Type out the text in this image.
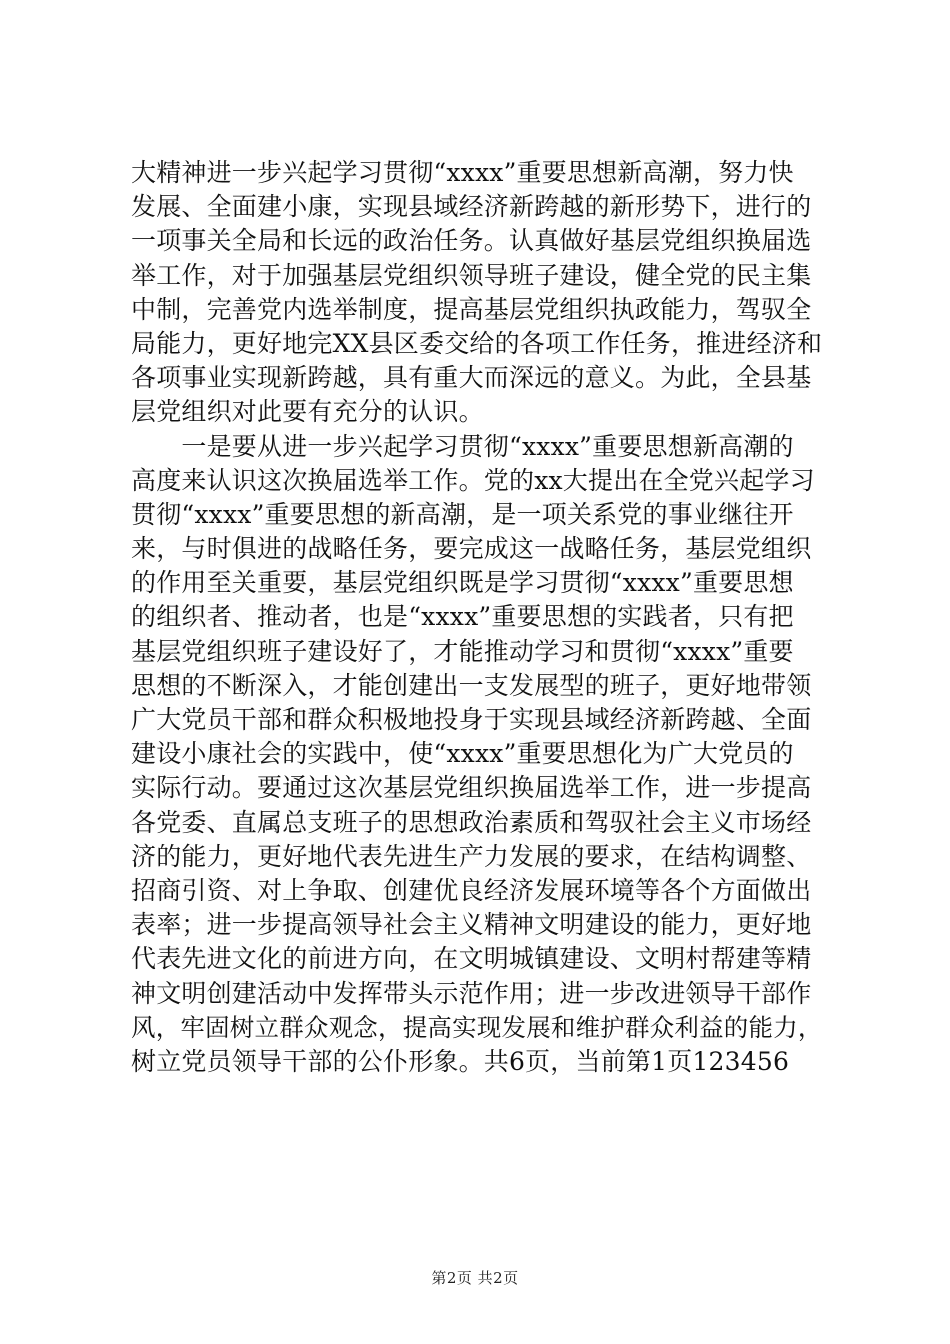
大精神进一步兴起学习贯彻“xxxx”重要思想新高潮，努力快
发展、全面建小康，实现县域经济新跨越的新形势下，进行的
一项事关全局和长远的政治任务。认真做好基层党组织换届选
举工作，对于加强基层党组织领导班子建设，健全党的民主集
中制，完善党内选举制度，提高基层党组织执政能力，驾驭全
局能力，更好地完XX县区委交给的各项工作任务，推进经济和
各项事业实现新跨越，具有重大而深远的意义。为此，全县基
层党组织对此要有充分的认识。
　　一是要从进一步兴起学习贯彻“xxxx”重要思想新高潮的
高度来认识这次换届选举工作。党的xx大提出在全党兴起学习
贯彻“xxxx”重要思想的新高潮，是一项关系党的事业继往开
来，与时俱进的战略任务，要完成这一战略任务，基层党组织
的作用至关重要，基层党组织既是学习贯彻“xxxx”重要思想
的组织者、推动者，也是“xxxx”重要思想的实践者，只有把
基层党组织班子建设好了，才能推动学习和贯彻“xxxx”重要
思想的不断深入，才能创建出一支发展型的班子，更好地带领
广大党员干部和群众积极地投身于实现县域经济新跨越、全面
建设小康社会的实践中，使“xxxx”重要思想化为广大党员的
实际行动。要通过这次基层党组织换届选举工作，进一步提高
各党委、直属总支班子的思想政治素质和驾驭社会主义市场经
济的能力，更好地代表先进生产力发展的要求，在结构调整、
招商引资、对上争取、创建优良经济发展环境等各个方面做出
表率；进一步提高领导社会主义精神文明建设的能力，更好地
代表先进文化的前进方向，在文明城镇建设、文明村帮建等精
神文明创建活动中发挥带头示范作用；进一步改进领导干部作
风，牢固树立群众观念，提高实现发展和维护群众利益的能力，
树立党员领导干部的公仆形象。共6页，当前第1页123456
第2页 共2页
